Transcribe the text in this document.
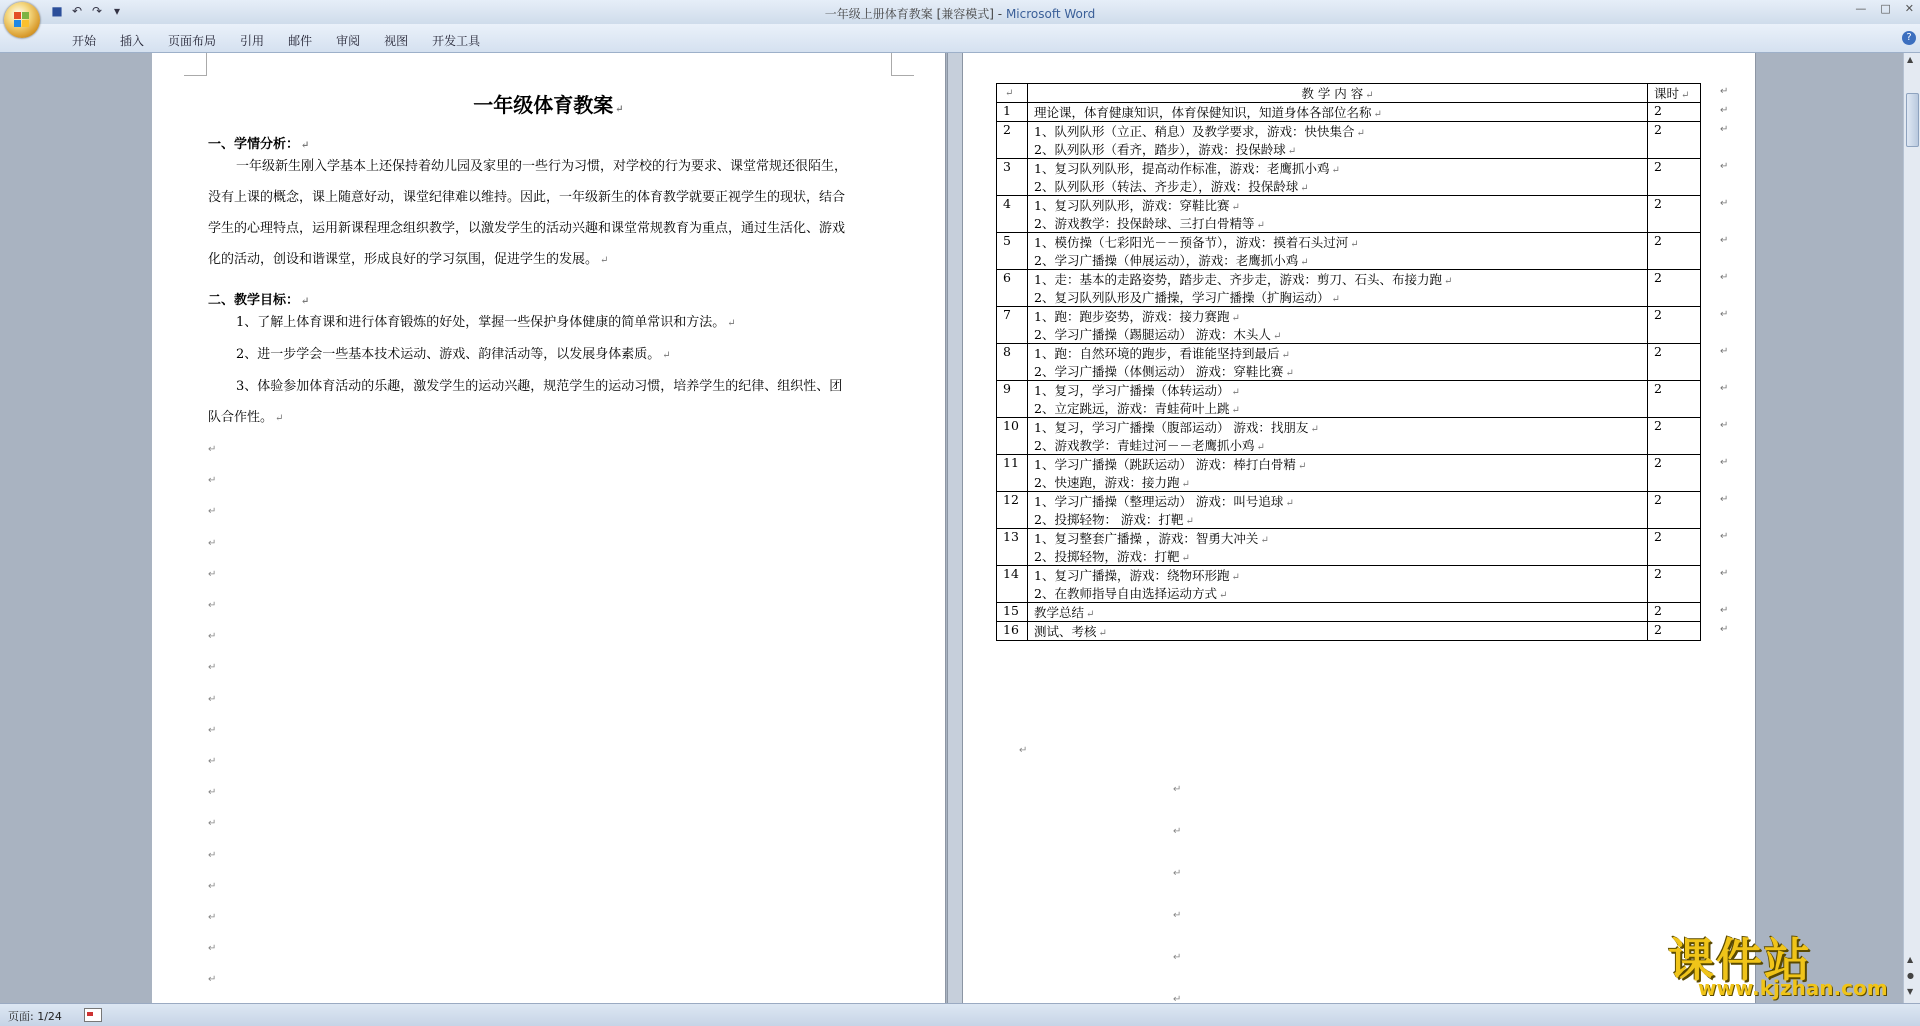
■ ↶ ↷ ▾	一年级上册体育教案 [兼容模式] - Microsoft Word	— □ ✕
开始	插入	页面布局	引用	邮件	审阅	视图	开发工具	?
一年级体育教案 ↵
一、学情分析： ↵
一年级新生刚入学基本上还保持着幼儿园及家里的一些行为习惯，对学校的行为要求、课堂常规还很陌生，
没有上课的概念，课上随意好动，课堂纪律难以维持。因此，一年级新生的体育教学就要正视学生的现状，结合
学生的心理特点，运用新课程理念组织教学，以激发学生的活动兴趣和课堂常规教育为重点，通过生活化、游戏
化的活动，创设和谐课堂，形成良好的学习氛围，促进学生的发展。 ↵
二、教学目标： ↵
1、了解上体育课和进行体育锻炼的好处，掌握一些保护身体健康的简单常识和方法。 ↵
2、进一步学会一些基本技术运动、游戏、韵律活动等，以发展身体素质。 ↵
3、体验参加体育活动的乐趣，激发学生的运动兴趣，规范学生的运动习惯，培养学生的纪律、组织性、团
队合作性。 ↵
↵
↵
↵
↵
↵
↵
↵
↵
↵
↵
↵
↵
↵
↵
↵
↵
↵
↵
↵	教 学 内 容 ↵	课时 ↵
1	理论课，体育健康知识，体育保健知识，知道身体各部位名称 ↵	2
2	1、队列队形（立正、稍息）及教学要求，游戏：快快集合 ↵
2、队列队形（看齐，踏步），游戏：投保龄球 ↵	2
3	1、复习队列队形，提高动作标准，游戏：老鹰抓小鸡 ↵
2、队列队形（转法、齐步走），游戏：投保龄球 ↵	2
4	1、复习队列队形，游戏：穿鞋比赛 ↵
2、游戏教学：投保龄球、三打白骨精等 ↵	2
5	1、模仿操（七彩阳光－－预备节），游戏：摸着石头过河 ↵
2、学习广播操（伸展运动），游戏：老鹰抓小鸡 ↵	2
6	1、走：基本的走路姿势，踏步走、齐步走，游戏：剪刀、石头、布接力跑 ↵
2、复习队列队形及广播操，学习广播操（扩胸运动） ↵	2
7	1、跑：跑步姿势，游戏：接力赛跑 ↵
2、学习广播操（踢腿运动） 游戏：木头人 ↵	2
8	1、跑：自然环境的跑步，看谁能坚持到最后 ↵
2、学习广播操（体侧运动） 游戏：穿鞋比赛 ↵	2
9	1、复习，学习广播操（体转运动） ↵
2、立定跳远，游戏：青蛙荷叶上跳 ↵	2
10	1、复习，学习广播操（腹部运动） 游戏：找朋友 ↵
2、游戏教学：青蛙过河－－老鹰抓小鸡 ↵	2
11	1、学习广播操（跳跃运动） 游戏：棒打白骨精 ↵
2、快速跑，游戏：接力跑 ↵	2
12	1、学习广播操（整理运动） 游戏：叫号追球 ↵
2、投掷轻物： 游戏：打靶 ↵	2
13	1、复习整套广播操 ，游戏：智勇大冲关 ↵
2、投掷轻物，游戏：打靶 ↵	2
14	1、复习广播操，游戏：绕物环形跑 ↵
2、在教师指导自由选择运动方式 ↵	2
15	教学总结 ↵	2
16	测试、考核 ↵	2
↵
↵
↵
↵
↵
↵
↵
↵
↵
↵
↵
↵
↵
↵
↵
↵
↵
↵
↵
↵
↵
↵
↵
↵
▲
▲
●
▼
页面: 1/24
课件站
www.kjzhan.com
